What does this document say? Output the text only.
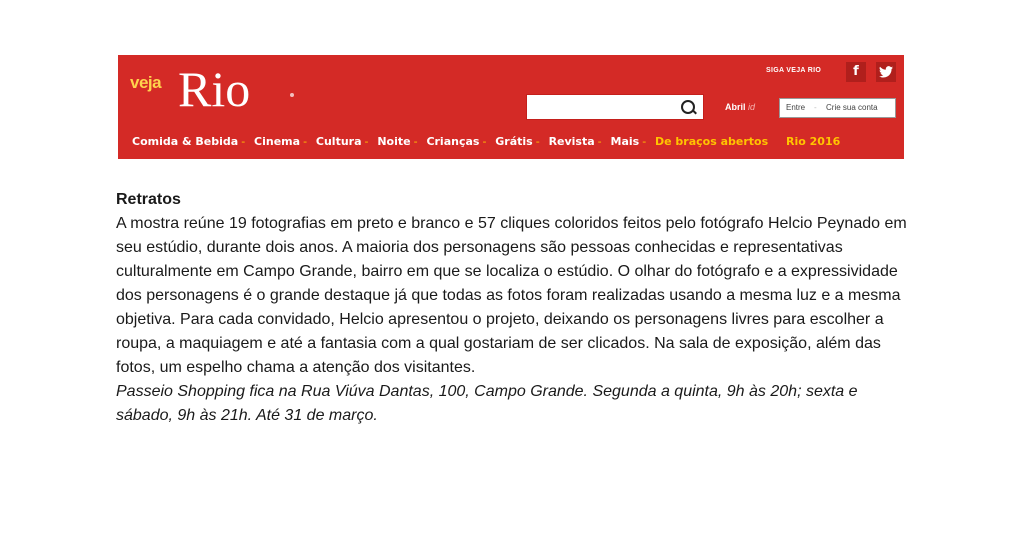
veja Rio	SIGA VEJA RIO	f
Abril id	Entre - Crie sua conta
Comida & Bebida - Cinema - Cultura - Noite - Crianças - Grátis - Revista - Mais - De braços abertos Rio 2016
Retratos

A mostra reúne 19 fotografias em preto e branco e 57 cliques coloridos feitos pelo fotógrafo Helcio Peynado em seu estúdio, durante dois anos. A maioria dos personagens são pessoas conhecidas e representativas culturalmente em Campo Grande, bairro em que se localiza o estúdio. O olhar do fotógrafo e a expressividade dos personagens é o grande destaque já que todas as fotos foram realizadas usando a mesma luz e a mesma objetiva. Para cada convidado, Helcio apresentou o projeto, deixando os personagens livres para escolher a roupa, a maquiagem e até a fantasia com a qual gostariam de ser clicados. Na sala de exposição, além das fotos, um espelho chama a atenção dos visitantes.

Passeio Shopping fica na Rua Viúva Dantas, 100, Campo Grande. Segunda a quinta, 9h às 20h; sexta e sábado, 9h às 21h. Até 31 de março.
